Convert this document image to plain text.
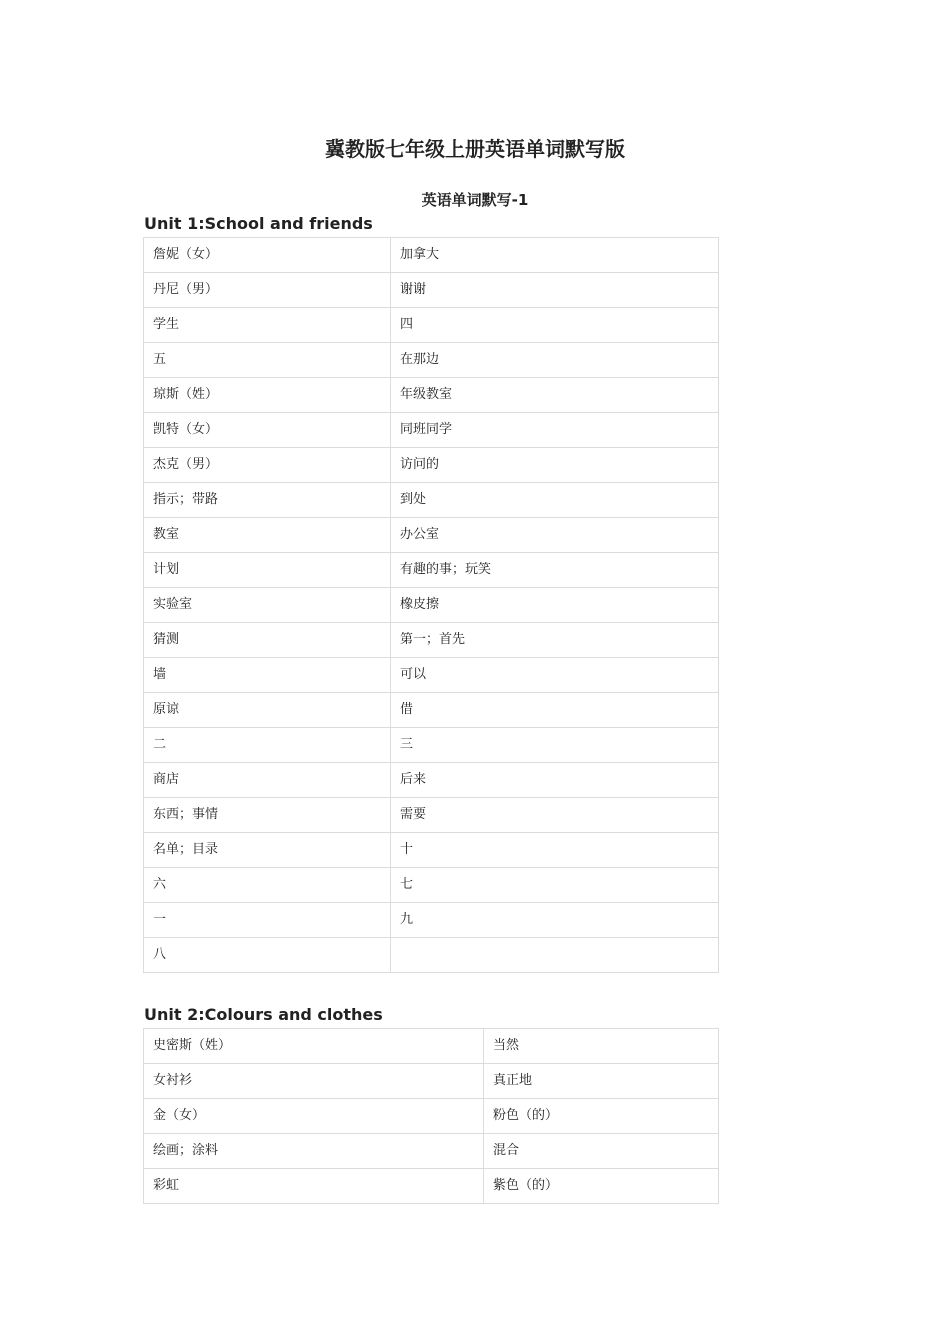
冀教版七年级上册英语单词默写版
英语单词默写-1
Unit 1:School and friends
詹妮（女）	加拿大
丹尼（男）	谢谢
学生	四
五	在那边
琼斯（姓）	年级教室
凯特（女）	同班同学
杰克（男）	访问的
指示；带路	到处
教室	办公室
计划	有趣的事；玩笑
实验室	橡皮擦
猜测	第一；首先
墙	可以
原谅	借
二	三
商店	后来
东西；事情	需要
名单；目录	十
六	七
一	九
八	
Unit 2:Colours and clothes
史密斯（姓）	当然
女衬衫	真正地
金（女）	粉色（的）
绘画；涂料	混合
彩虹	紫色（的）
